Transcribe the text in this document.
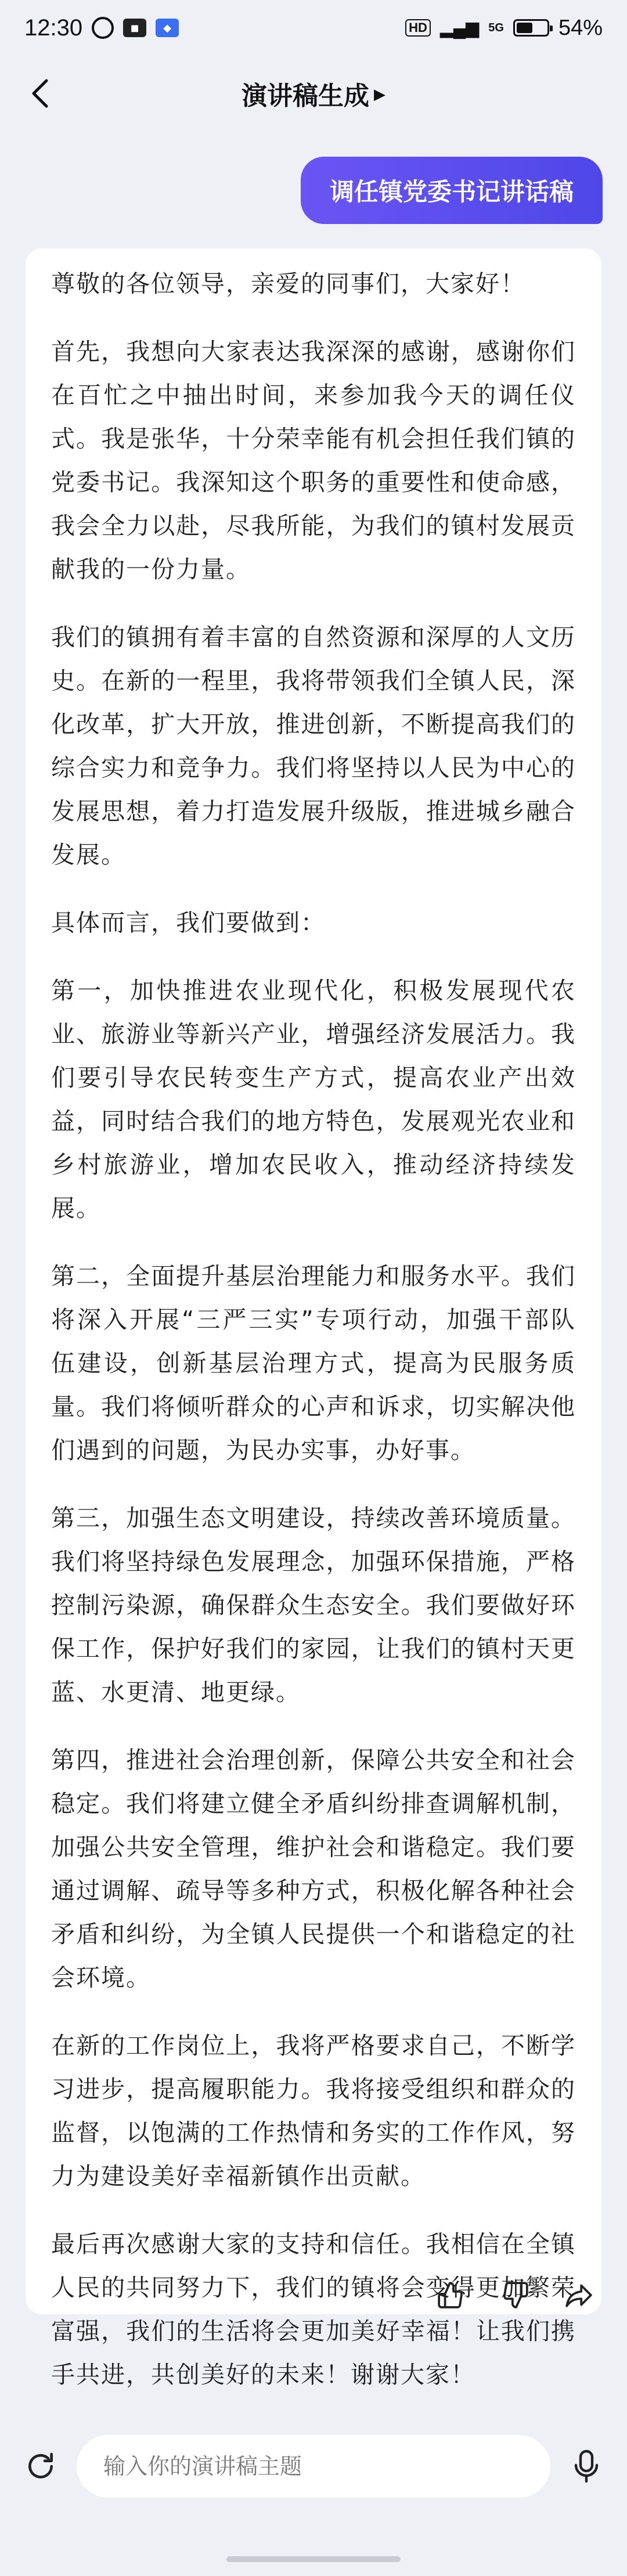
12:30	◼	◆	HD ▂▄▆ 5G 54%
演讲稿生成 ▶
调任镇党委书记讲话稿

尊敬的各位领导，亲爱的同事们，大家好！

首先，我想向大家表达我深深的感谢，感谢你们在百忙之中抽出时间，来参加我今天的调任仪式。我是张华，十分荣幸能有机会担任我们镇的党委书记。我深知这个职务的重要性和使命感，我会全力以赴，尽我所能，为我们的镇村发展贡献我的一份力量。

我们的镇拥有着丰富的自然资源和深厚的人文历史。在新的一程里，我将带领我们全镇人民，深化改革，扩大开放，推进创新，不断提高我们的综合实力和竞争力。我们将坚持以人民为中心的发展思想，着力打造发展升级版，推进城乡融合发展。

具体而言，我们要做到：

第一，加快推进农业现代化，积极发展现代农业、旅游业等新兴产业，增强经济发展活力。我们要引导农民转变生产方式，提高农业产出效益，同时结合我们的地方特色，发展观光农业和乡村旅游业，增加农民收入，推动经济持续发展。

第二，全面提升基层治理能力和服务水平。我们将深入开展“三严三实”专项行动，加强干部队伍建设，创新基层治理方式，提高为民服务质量。我们将倾听群众的心声和诉求，切实解决他们遇到的问题，为民办实事，办好事。

第三，加强生态文明建设，持续改善环境质量。我们将坚持绿色发展理念，加强环保措施，严格控制污染源，确保群众生态安全。我们要做好环保工作，保护好我们的家园，让我们的镇村天更蓝、水更清、地更绿。

第四，推进社会治理创新，保障公共安全和社会稳定。我们将建立健全矛盾纠纷排查调解机制，加强公共安全管理，维护社会和谐稳定。我们要通过调解、疏导等多种方式，积极化解各种社会矛盾和纠纷，为全镇人民提供一个和谐稳定的社会环境。

在新的工作岗位上，我将严格要求自己，不断学习进步，提高履职能力。我将接受组织和群众的监督，以饱满的工作热情和务实的工作作风，努力为建设美好幸福新镇作出贡献。

最后再次感谢大家的支持和信任。我相信在全镇人民的共同努力下，我们的镇将会变得更加繁荣富强，我们的生活将会更加美好幸福！让我们携手共进，共创美好的未来！谢谢大家！

输入你的演讲稿主题
